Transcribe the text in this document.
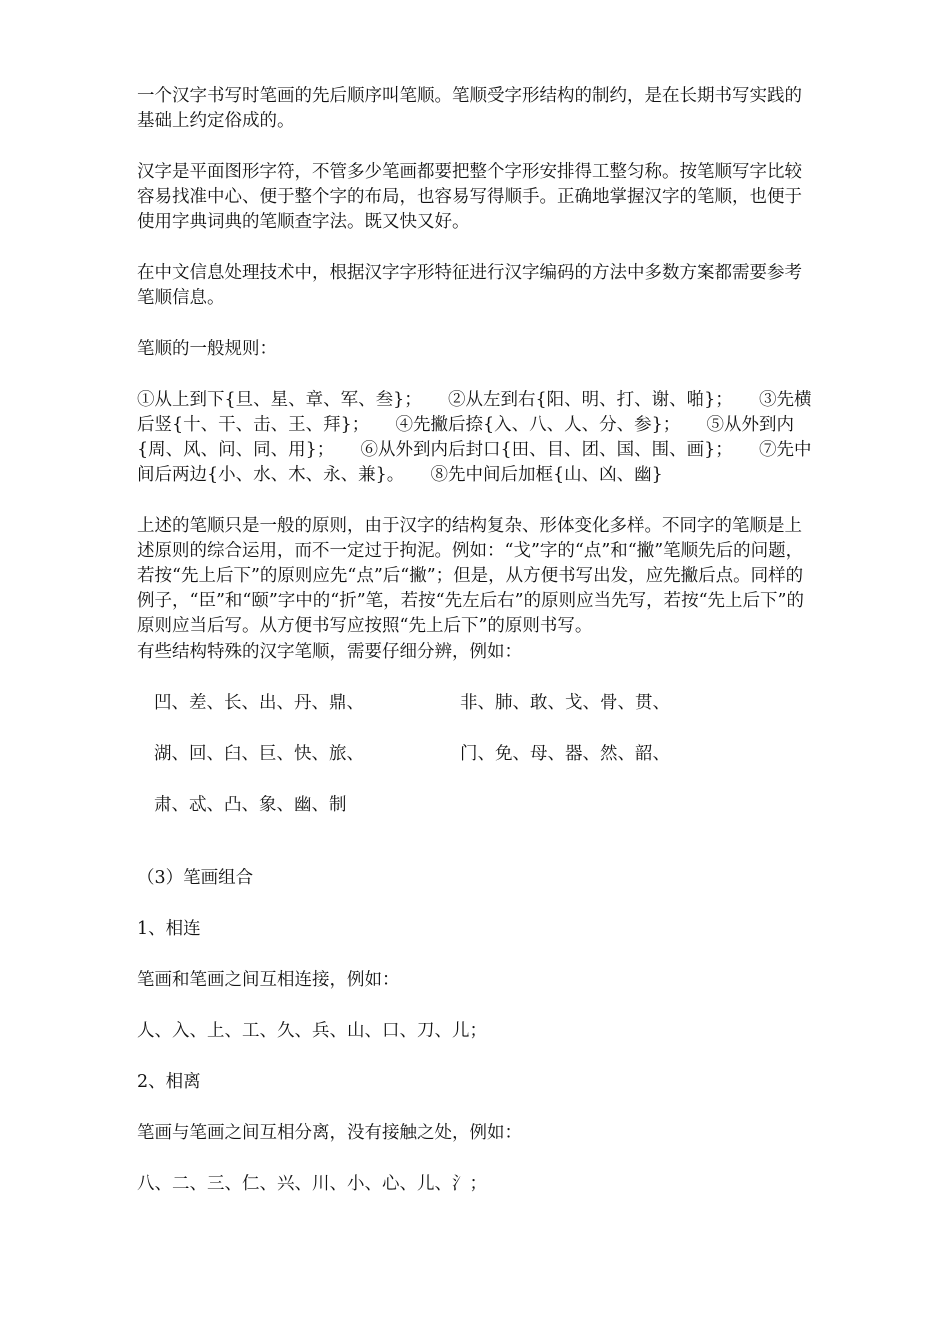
一个汉字书写时笔画的先后顺序叫笔顺。笔顺受字形结构的制约，是在长期书写实践的基础上约定俗成的。

汉字是平面图形字符，不管多少笔画都要把整个字形安排得工整匀称。按笔顺写字比较容易找准中心、便于整个字的布局，也容易写得顺手。正确地掌握汉字的笔顺，也便于使用字典词典的笔顺查字法。既又快又好。

在中文信息处理技术中，根据汉字字形特征进行汉字编码的方法中多数方案都需要参考笔顺信息。

笔顺的一般规则：

①从上到下{旦、星、章、军、叁}；　　②从左到右{阳、明、打、谢、啪}；　　③先横后竖{十、干、击、王、拜}；　　④先撇后捺{入、八、人、分、参}；　　⑤从外到内{周、风、问、同、用}；　　⑥从外到内后封口{田、目、团、国、围、画}；　　⑦先中间后两边{小、水、木、永、兼}。　　⑧先中间后加框{山、凶、幽}

上述的笔顺只是一般的原则，由于汉字的结构复杂、形体变化多样。不同字的笔顺是上述原则的综合运用，而不一定过于拘泥。例如：“戈”字的“点”和“撇”笔顺先后的问题，若按“先上后下”的原则应先“点”后“撇”；但是，从方便书写出发，应先撇后点。同样的例子，“臣”和“颐”字中的“折”笔，若按“先左后右”的原则应当先写，若按“先上后下”的原则应当后写。从方便书写应按照“先上后下”的原则书写。

有些结构特殊的汉字笔顺，需要仔细分辨，例如：

凹、差、长、出、丹、鼎、	非、肺、敢、戈、骨、贯、
湖、回、臼、巨、快、旅、	门、免、母、器、然、韶、
肃、忒、凸、象、幽、制

（3）笔画组合

1、相连

笔画和笔画之间互相连接，例如：

人、入、上、工、久、兵、山、口、刀、儿；

2、相离

笔画与笔画之间互相分离，没有接触之处，例如：

八、二、三、仁、兴、川、小、心、儿、氵；
